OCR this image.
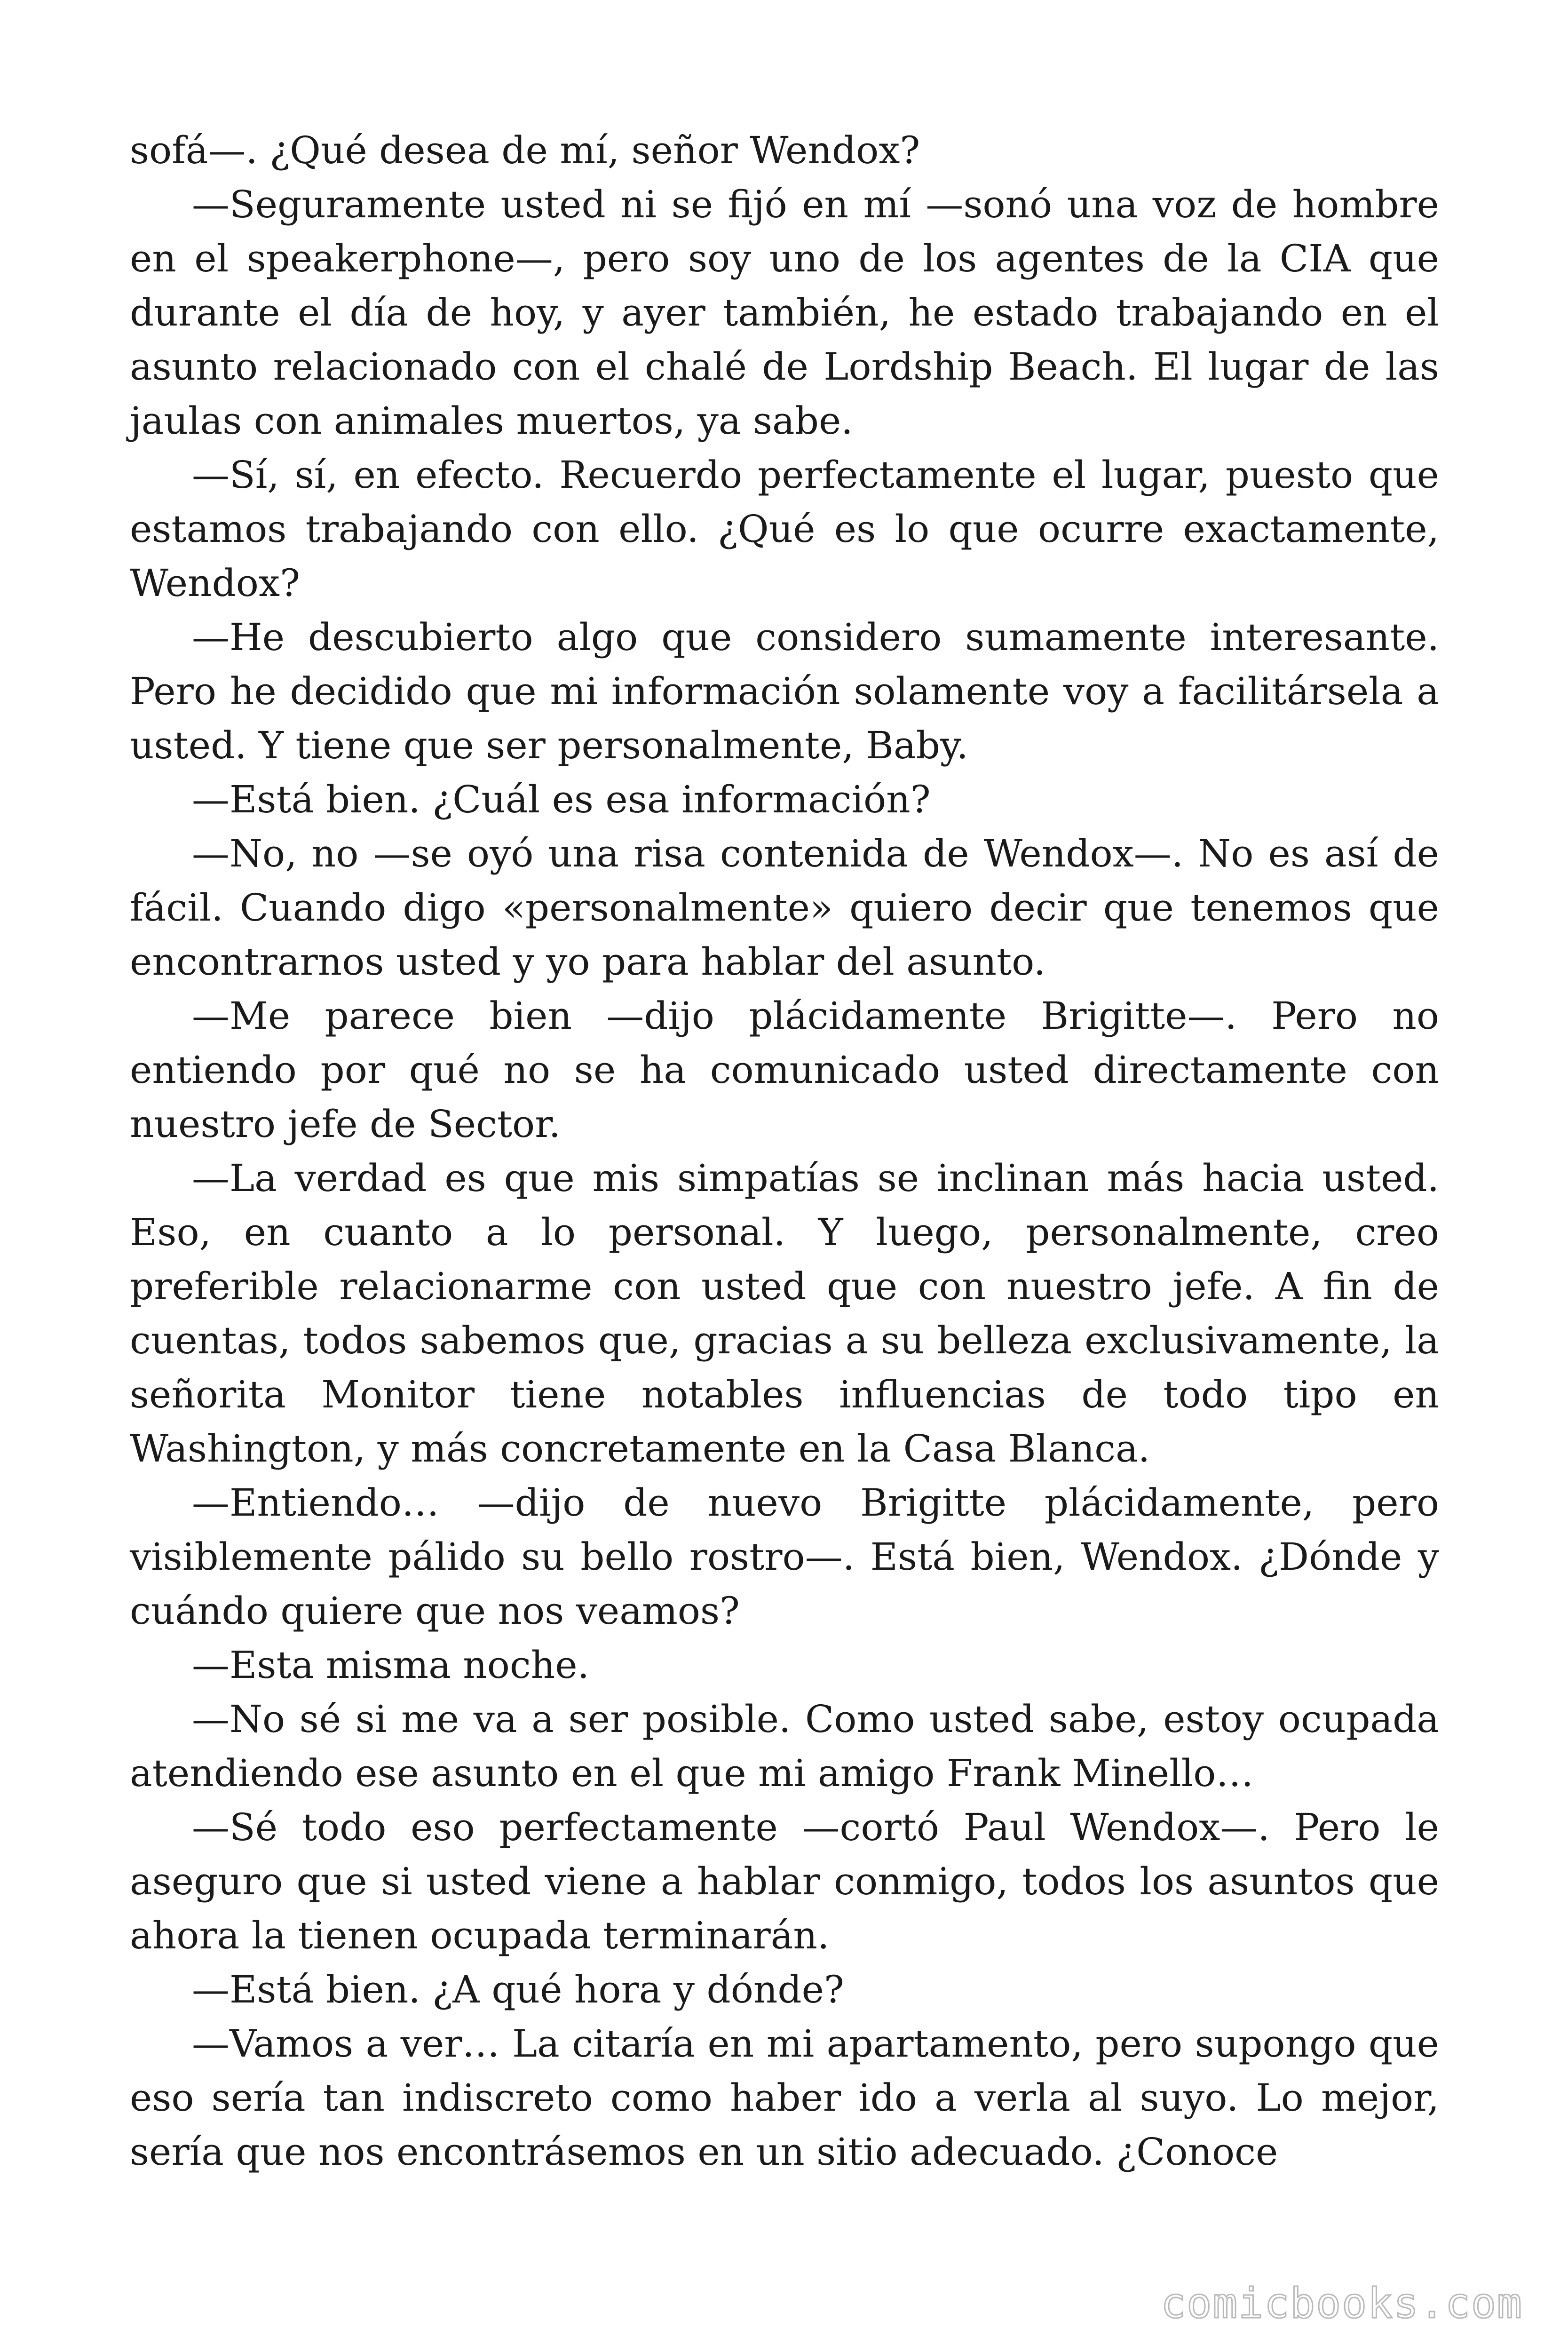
sofá—. ¿Qué desea de mí, señor Wendox?

—Seguramente usted ni se fijó en mí —sonó una voz de hombre en el speakerphone—, pero soy uno de los agentes de la CIA que durante el día de hoy, y ayer también, he estado trabajando en el asunto relacionado con el chalé de Lordship Beach. El lugar de las jaulas con animales muertos, ya sabe.

—Sí, sí, en efecto. Recuerdo perfectamente el lugar, puesto que estamos trabajando con ello. ¿Qué es lo que ocurre exactamente, Wendox?

—He descubierto algo que considero sumamente interesante. Pero he decidido que mi información solamente voy a facilitársela a usted. Y tiene que ser personalmente, Baby.

—Está bien. ¿Cuál es esa información?

—No, no —se oyó una risa contenida de Wendox—. No es así de fácil. Cuando digo «personalmente» quiero decir que tenemos que encontrarnos usted y yo para hablar del asunto.

—Me parece bien —dijo plácidamente Brigitte—. Pero no entiendo por qué no se ha comunicado usted directamente con nuestro jefe de Sector.

—La verdad es que mis simpatías se inclinan más hacia usted. Eso, en cuanto a lo personal. Y luego, personalmente, creo preferible relacionarme con usted que con nuestro jefe. A fin de cuentas, todos sabemos que, gracias a su belleza exclusivamente, la señorita Monitor tiene notables influencias de todo tipo en Washington, y más concretamente en la Casa Blanca.

—Entiendo… —dijo de nuevo Brigitte plácidamente, pero visiblemente pálido su bello rostro—. Está bien, Wendox. ¿Dónde y cuándo quiere que nos veamos?

—Esta misma noche.

—No sé si me va a ser posible. Como usted sabe, estoy ocupada atendiendo ese asunto en el que mi amigo Frank Minello…

—Sé todo eso perfectamente —cortó Paul Wendox—. Pero le aseguro que si usted viene a hablar conmigo, todos los asuntos que ahora la tienen ocupada terminarán.

—Está bien. ¿A qué hora y dónde?

—Vamos a ver… La citaría en mi apartamento, pero supongo que eso sería tan indiscreto como haber ido a verla al suyo. Lo mejor, sería que nos encontrásemos en un sitio adecuado. ¿Conoce

comicbooks.com
